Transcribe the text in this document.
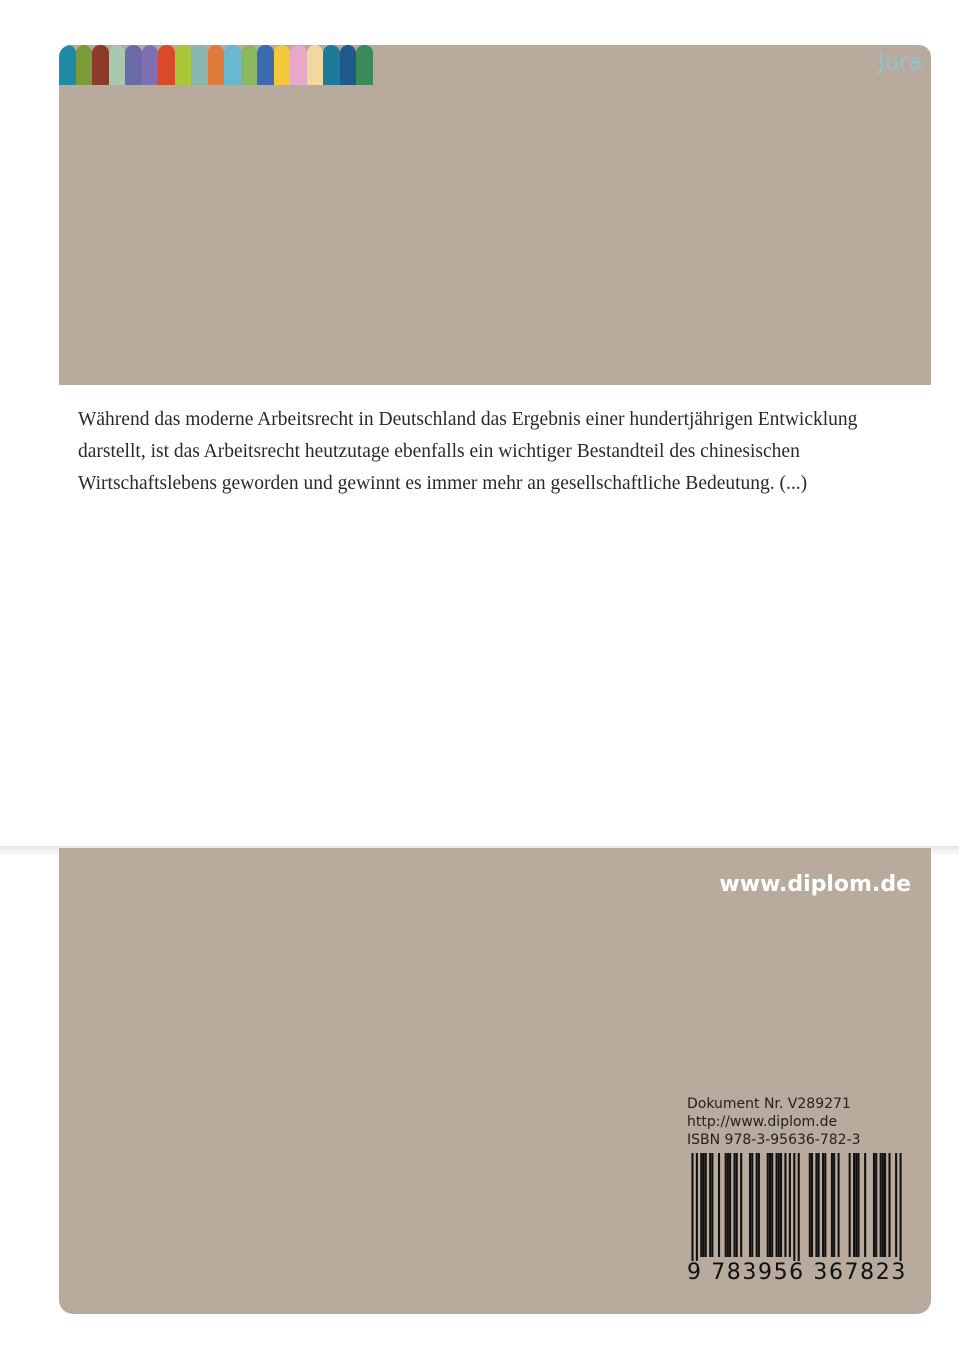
Jura
Während das moderne Arbeitsrecht in Deutschland das Ergebnis einer hundertjährigen Entwicklung darstellt, ist das Arbeitsrecht heutzutage ebenfalls ein wichtiger Bestandteil des chinesischen Wirtschaftslebens geworden und gewinnt es immer mehr an gesellschaftliche Bedeutung. (...)
www.diplom.de
Dokument Nr. V289271
http://www.diplom.de
ISBN 978-3-95636-782-3
9 783956 367823
